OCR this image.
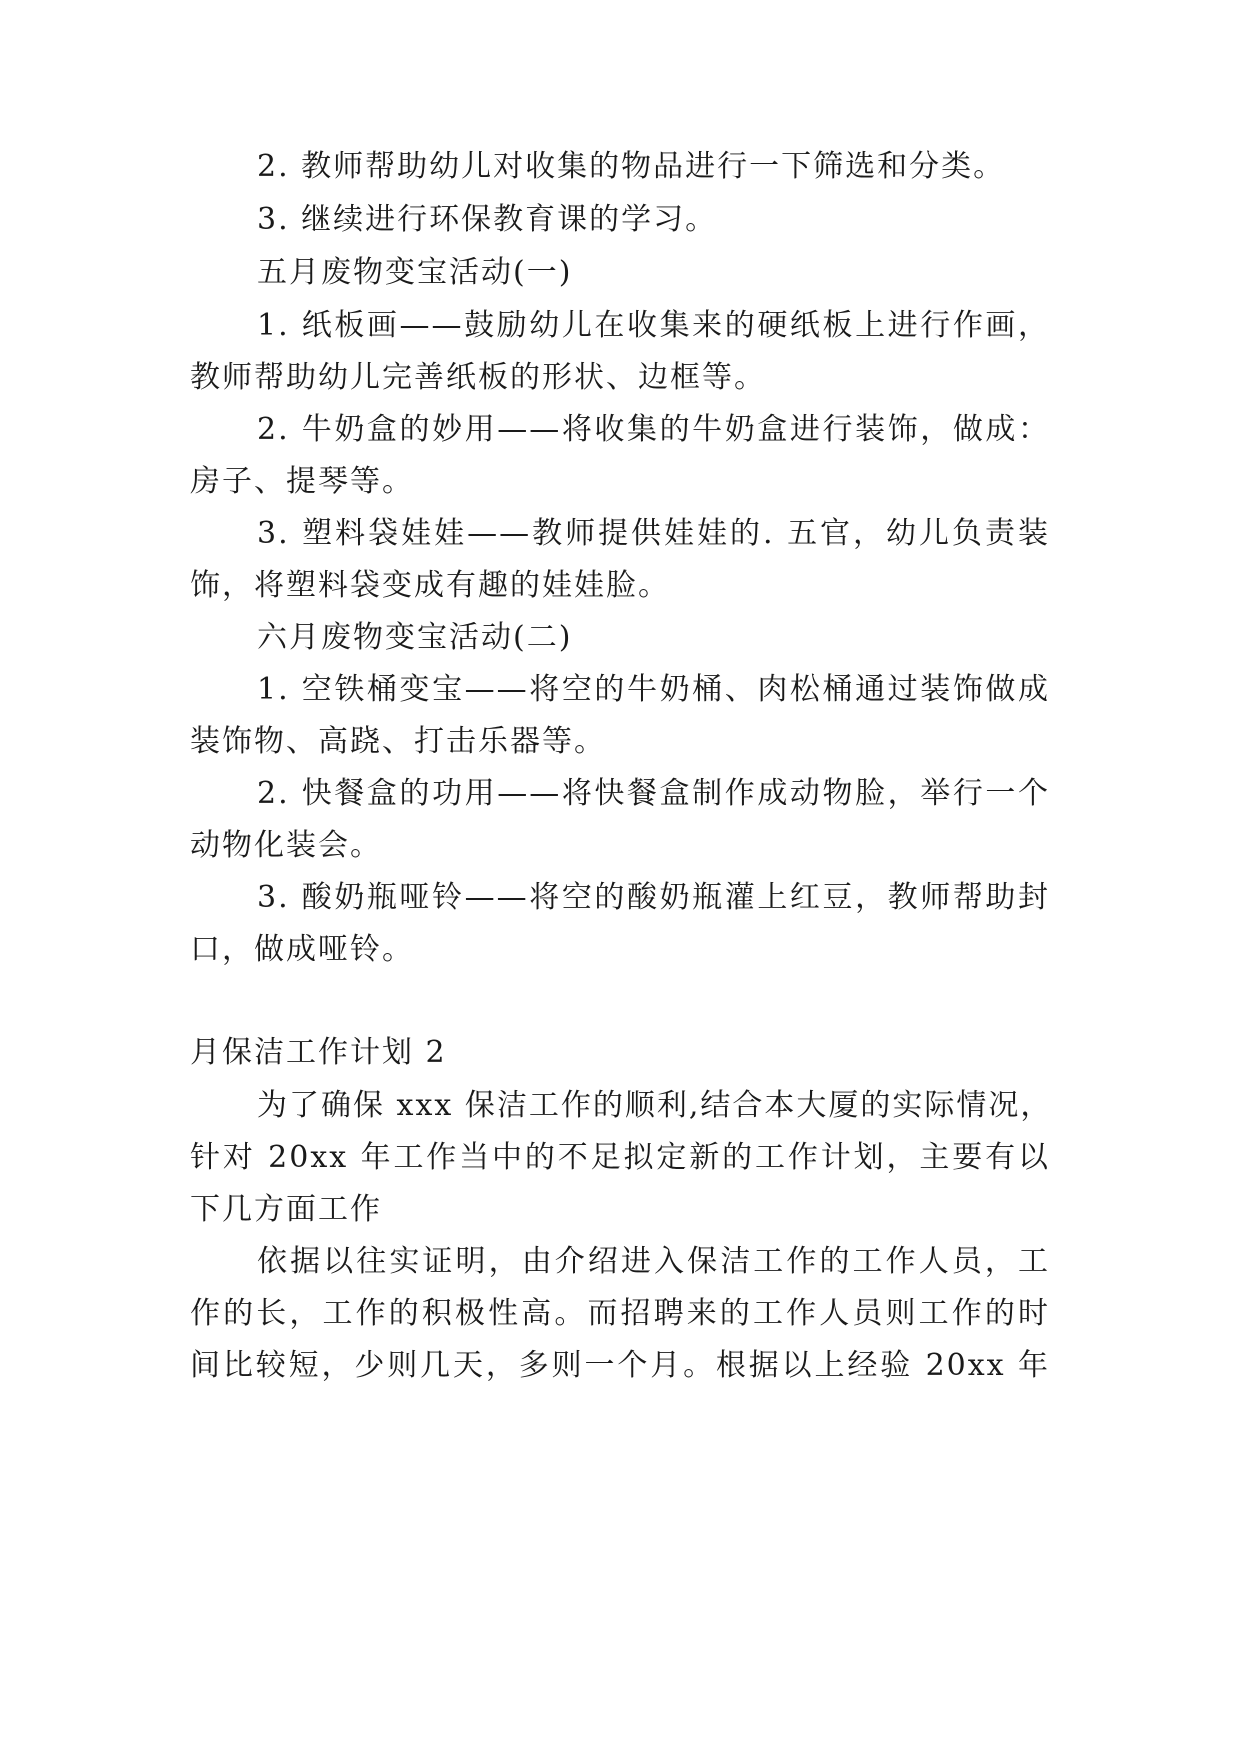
2. 教师帮助幼儿对收集的物品进行一下筛选和分类。
3. 继续进行环保教育课的学习。
五月废物变宝活动(一)
1. 纸板画——鼓励幼儿在收集来的硬纸板上进行作画，
教师帮助幼儿完善纸板的形状、边框等。
2. 牛奶盒的妙用——将收集的牛奶盒进行装饰，做成：
房子、提琴等。
3. 塑料袋娃娃——教师提供娃娃的. 五官，幼儿负责装
饰，将塑料袋变成有趣的娃娃脸。
六月废物变宝活动(二)
1. 空铁桶变宝——将空的牛奶桶、肉松桶通过装饰做成
装饰物、高跷、打击乐器等。
2. 快餐盒的功用——将快餐盒制作成动物脸，举行一个
动物化装会。
3. 酸奶瓶哑铃——将空的酸奶瓶灌上红豆，教师帮助封
口，做成哑铃。
月保洁工作计划 2
为了确保 xxx 保洁工作的顺利,结合本大厦的实际情况，
针对 20xx 年工作当中的不足拟定新的工作计划，主要有以
下几方面工作
依据以往实证明，由介绍进入保洁工作的工作人员，工
作的长，工作的积极性高。而招聘来的工作人员则工作的时
间比较短，少则几天，多则一个月。根据以上经验 20xx 年
